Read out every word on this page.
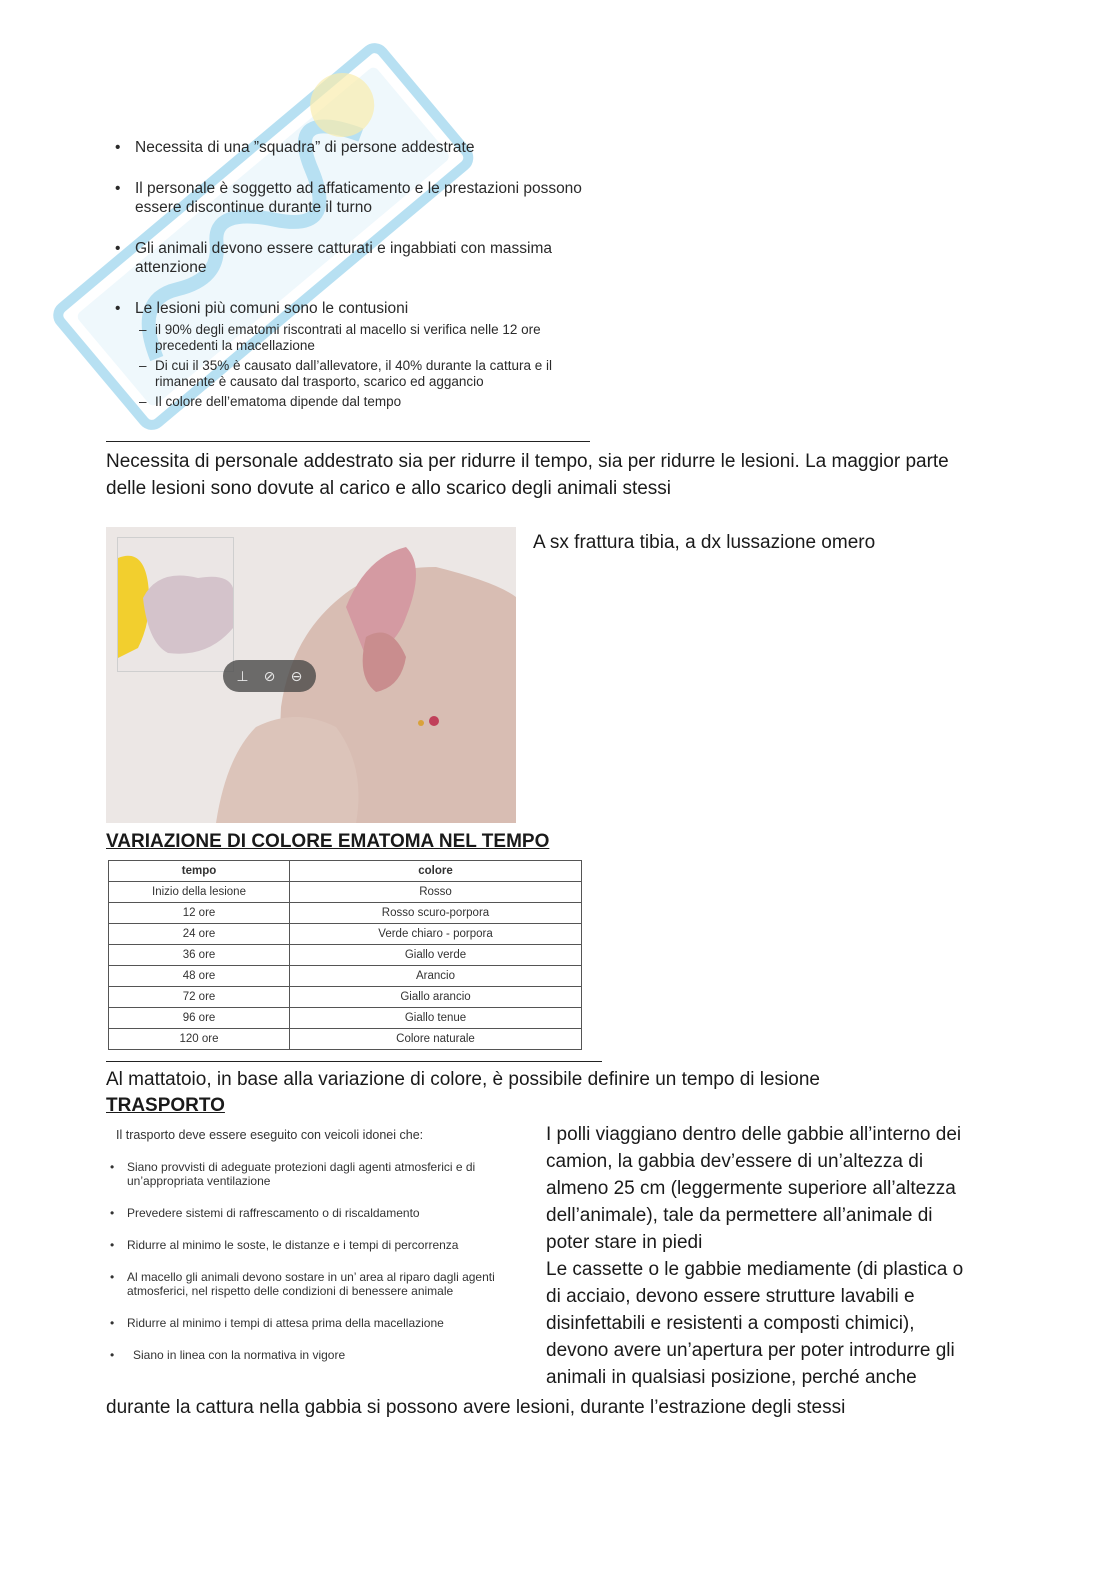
• Necessita di una ”squadra” di persone addestrate
• Il personale è soggetto ad affaticamento e le prestazioni possono essere discontinue durante il turno
• Gli animali devono essere catturati e ingabbiati con massima attenzione
• Le lesioni più comuni sono le contusioni
– il 90% degli ematomi riscontrati al macello si verifica nelle 12 ore precedenti la macellazione
– Di cui il 35% è causato dall’allevatore, il 40% durante la cattura e il rimanente è causato dal trasporto, scarico ed aggancio
– Il colore dell’ematoma dipende dal tempo
Necessita di personale addestrato sia per ridurre il tempo, sia per ridurre le lesioni. La maggior parte delle lesioni sono dovute al carico e allo scarico degli animali stessi
⊥	⊘	⊖
A sx frattura tibia, a dx lussazione omero
VARIAZIONE DI COLORE EMATOMA NEL TEMPO
tempo	colore
Inizio della lesione	Rosso
12 ore	Rosso scuro-porpora
24 ore	Verde chiaro - porpora
36 ore	Giallo verde
48 ore	Arancio
72 ore	Giallo arancio
96 ore	Giallo tenue
120 ore	Colore naturale
Al mattatoio, in base alla variazione di colore, è possibile definire un tempo di lesione
TRASPORTO
Il trasporto deve essere eseguito con veicoli idonei che:
• Siano provvisti di adeguate protezioni dagli agenti atmosferici e di un’appropriata ventilazione
• Prevedere sistemi di raffrescamento o di riscaldamento
• Ridurre al minimo le soste, le distanze e i tempi di percorrenza
• Al macello gli animali devono sostare in un’ area al riparo dagli agenti atmosferici, nel rispetto delle condizioni di benessere animale
• Ridurre al minimo i tempi di attesa prima della macellazione
• Siano in linea con la normativa in vigore
I polli viaggiano dentro delle gabbie all’interno dei
camion, la gabbia dev’essere di un’altezza di
almeno 25 cm (leggermente superiore all’altezza
dell’animale), tale da permettere all’animale di
poter stare in piedi
Le cassette o le gabbie mediamente (di plastica o
di acciaio, devono essere strutture lavabili e
disinfettabili e resistenti a composti chimici),
devono avere un’apertura per poter introdurre gli
animali in qualsiasi posizione, perché anche
durante la cattura nella gabbia si possono avere lesioni, durante l’estrazione degli stessi
